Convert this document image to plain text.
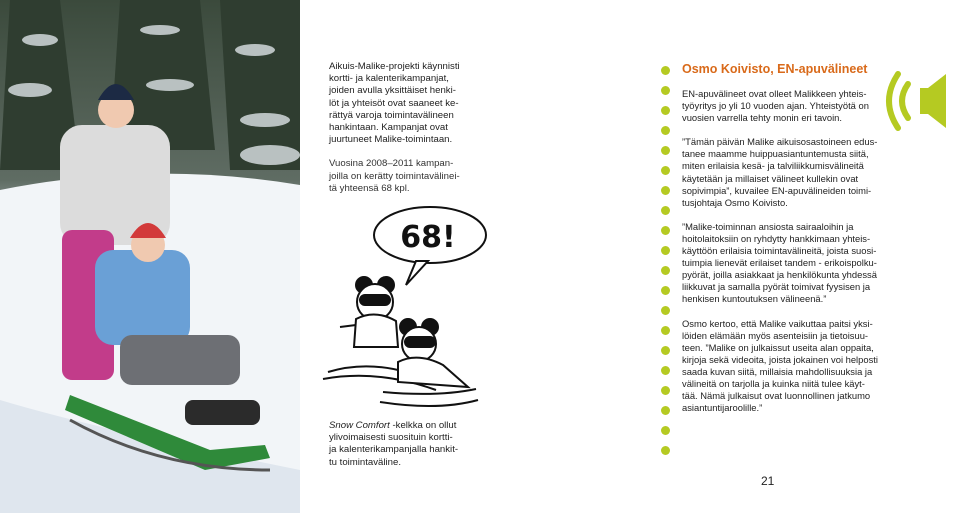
Aikuis-Malike-projekti käynnisti
kortti- ja kalenterikampanjat,
joiden avulla yksittäiset henki-
löt ja yhteisöt ovat saaneet ke-
rättyä varoja toimintavälineen
hankintaan. Kampanjat ovat
juurtuneet Malike-toimintaan.

Vuosina 2008–2011 kampan-
joilla on kerätty toimintavälinei-
tä yhteensä 68 kpl.

68!

Snow Comfort -kelkka on ollut
ylivoimaisesti suosituin kortti-
ja kalenterikampanjalla hankit-
tu toimintaväline.

Osmo Koivisto, EN-apuvälineet

EN-apuvälineet ovat olleet Malikkeen yhteis-
työyritys jo yli 10 vuoden ajan. Yhteistyötä on
vuosien varrella tehty monin eri tavoin.

”Tämän päivän Malike aikuisosastoineen edus-
tanee maamme huippuasiantuntemusta siitä,
miten erilaisia kesä- ja talviliikkumisvälineitä
käytetään ja millaiset välineet kullekin ovat
sopivimpia”, kuvailee EN-apuvälineiden toimi-
tusjohtaja Osmo Koivisto.

”Malike-toiminnan ansiosta sairaaloihin ja
hoitolaitoksiin on ryhdytty hankkimaan yhteis-
käyttöön erilaisia toimintavälineitä, joista suosi-
tuimpia lienevät erilaiset tandem - erikoispolku-
pyörät, joilla asiakkaat ja henkilökunta yhdessä
liikkuvat ja samalla pyörät toimivat fyysisen ja
henkisen kuntoutuksen välineenä.”

Osmo kertoo, että Malike vaikuttaa paitsi yksi-
löiden elämään myös asenteisiin ja tietoisuu-
teen. ”Malike on julkaissut useita alan oppaita,
kirjoja sekä videoita, joista jokainen voi helposti
saada kuvan siitä, millaisia mahdollisuuksia ja
välineitä on tarjolla ja kuinka niitä tulee käyt-
tää. Nämä julkaisut ovat luonnollinen jatkumo
asiantuntijaroolille.”

21
